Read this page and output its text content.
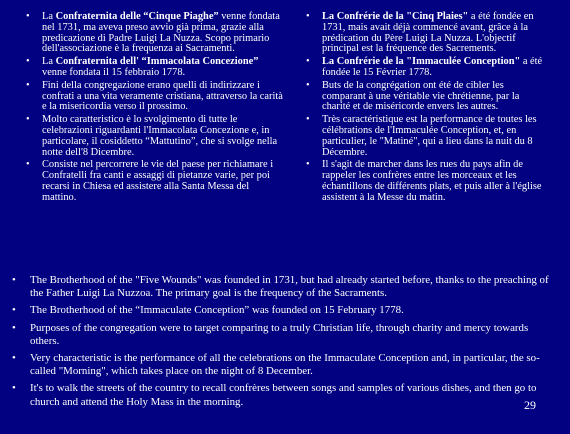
• La Confraternita delle “Cinque Piaghe” venne fondata nel 1731, ma aveva preso avvio già prima, grazie alla predicazione di Padre Luigi La Nuzza. Scopo primario dell'associazione è la frequenza ai Sacramenti.
• La Confraternita dell' “Immacolata Concezione” venne fondata il 15 febbraio 1778.
• Fini della congregazione erano quelli di indirizzare i confrati a una vita veramente cristiana, attraverso la carità e la misericordia verso il prossimo.
• Molto caratteristico è lo svolgimento di tutte le celebrazioni riguardanti l'Immacolata Concezione e, in particolare, il cosiddetto “Mattutino”, che si svolge nella notte dell'8 Dicembre.
• Consiste nel percorrere le vie del paese per richiamare i Confratelli fra canti e assaggi di pietanze varie, per poi recarsi in Chiesa ed assistere alla Santa Messa del mattino.
• La Confrérie de la "Cinq Plaies" a été fondée en 1731, mais avait déjà commencé avant, grâce à la prédication du Père Luigi La Nuzza. L'objectif principal est la fréquence des Sacrements.
• La Confrérie de la "Immaculée Conception" a été fondée le 15 Février 1778.
• Buts de la congrégation ont été de cibler les comparant à une véritable vie chrétienne, par la charité et de miséricorde envers les autres.
• Très caractéristique est la performance de toutes les célébrations de l'Immaculée Conception, et, en particulier, le "Matiné", qui a lieu dans la nuit du 8 Décembre.
• Il s'agit de marcher dans les rues du pays afin de rappeler les confrères entre les morceaux et les échantillons de différents plats, et puis aller à l'église assistent à la Messe du matin.
• The Brotherhood of the "Five Wounds" was founded in 1731, but had already started before, thanks to the preaching of the Father Luigi La Nuzzoa. The primary goal is the frequency of the Sacraments.
• The Brotherhood of the “Immaculate Conception” was founded on 15 February 1778.
• Purposes of the congregation were to target comparing to a truly Christian life, through charity and mercy towards others.
• Very characteristic is the performance of all the celebrations on the Immaculate Conception and, in particular, the so-called "Morning", which takes place on the night of 8 December.
• It's to walk the streets of the country to recall confrères between songs and samples of various dishes, and then go to church and attend the Holy Mass in the morning.	29
